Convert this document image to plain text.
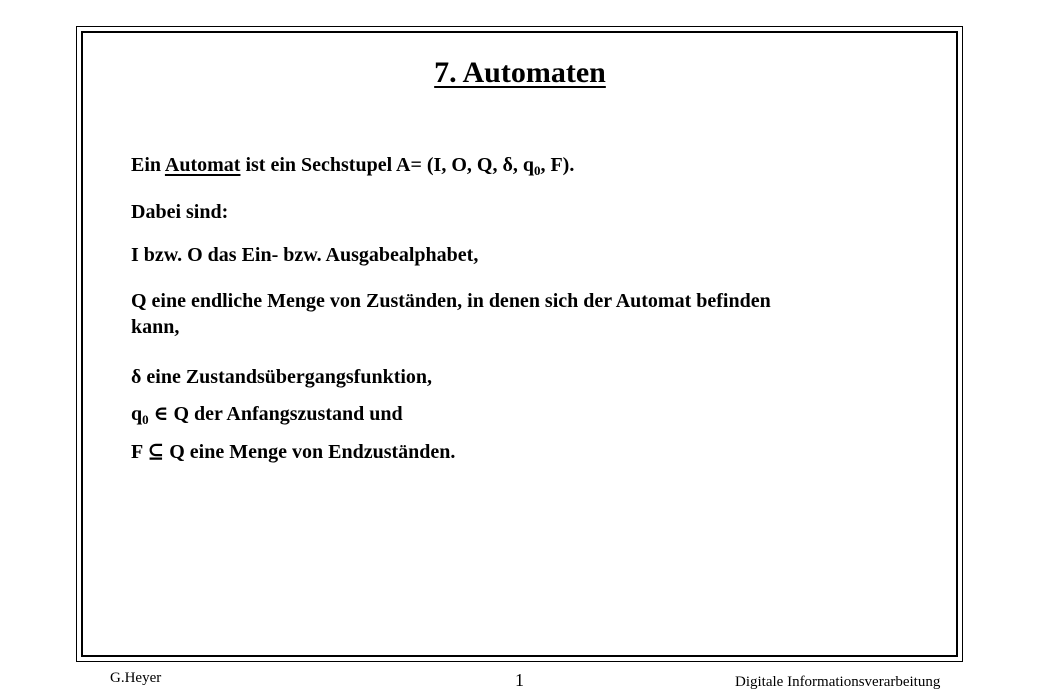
7. Automaten

Ein Automat ist ein Sechstupel A= (I, O, Q, δ, $q_0$, F).

Dabei sind:

I bzw. O das Ein- bzw. Ausgabealphabet,

Q eine endliche Menge von Zuständen, in denen sich der Automat befinden

kann,

δ eine Zustandsübergangsfunktion,

$q_0$ ∈ Q der Anfangszustand und

F ⊆ Q eine Menge von Endzuständen.

G.Heyer	1	Digitale Informationsverarbeitung
